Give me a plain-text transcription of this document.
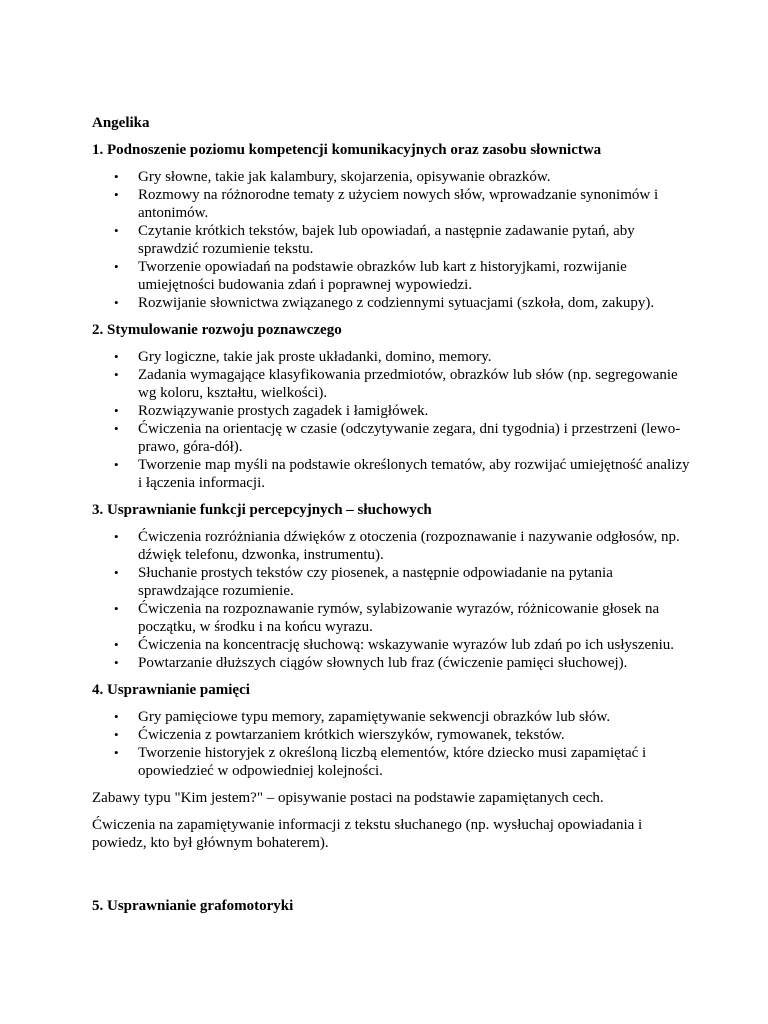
Angelika
1. Podnoszenie poziomu kompetencji komunikacyjnych oraz zasobu słownictwa
• Gry słowne, takie jak kalambury, skojarzenia, opisywanie obrazków.
• Rozmowy na różnorodne tematy z użyciem nowych słów, wprowadzanie synonimów i antonimów.
• Czytanie krótkich tekstów, bajek lub opowiadań, a następnie zadawanie pytań, aby sprawdzić rozumienie tekstu.
• Tworzenie opowiadań na podstawie obrazków lub kart z historyjkami, rozwijanie umiejętności budowania zdań i poprawnej wypowiedzi.
• Rozwijanie słownictwa związanego z codziennymi sytuacjami (szkoła, dom, zakupy).
2. Stymulowanie rozwoju poznawczego
• Gry logiczne, takie jak proste układanki, domino, memory.
• Zadania wymagające klasyfikowania przedmiotów, obrazków lub słów (np. segregowanie wg koloru, kształtu, wielkości).
• Rozwiązywanie prostych zagadek i łamigłówek.
• Ćwiczenia na orientację w czasie (odczytywanie zegara, dni tygodnia) i przestrzeni (lewo-prawo, góra-dół).
• Tworzenie map myśli na podstawie określonych tematów, aby rozwijać umiejętność analizy i łączenia informacji.
3. Usprawnianie funkcji percepcyjnych – słuchowych
• Ćwiczenia rozróżniania dźwięków z otoczenia (rozpoznawanie i nazywanie odgłosów, np. dźwięk telefonu, dzwonka, instrumentu).
• Słuchanie prostych tekstów czy piosenek, a następnie odpowiadanie na pytania sprawdzające rozumienie.
• Ćwiczenia na rozpoznawanie rymów, sylabizowanie wyrazów, różnicowanie głosek na początku, w środku i na końcu wyrazu.
• Ćwiczenia na koncentrację słuchową: wskazywanie wyrazów lub zdań po ich usłyszeniu.
• Powtarzanie dłuższych ciągów słownych lub fraz (ćwiczenie pamięci słuchowej).
4. Usprawnianie pamięci
• Gry pamięciowe typu memory, zapamiętywanie sekwencji obrazków lub słów.
• Ćwiczenia z powtarzaniem krótkich wierszyków, rymowanek, tekstów.
• Tworzenie historyjek z określoną liczbą elementów, które dziecko musi zapamiętać i opowiedzieć w odpowiedniej kolejności.
Zabawy typu "Kim jestem?" – opisywanie postaci na podstawie zapamiętanych cech.
Ćwiczenia na zapamiętywanie informacji z tekstu słuchanego (np. wysłuchaj opowiadania i powiedz, kto był głównym bohaterem).
5. Usprawnianie grafomotoryki
